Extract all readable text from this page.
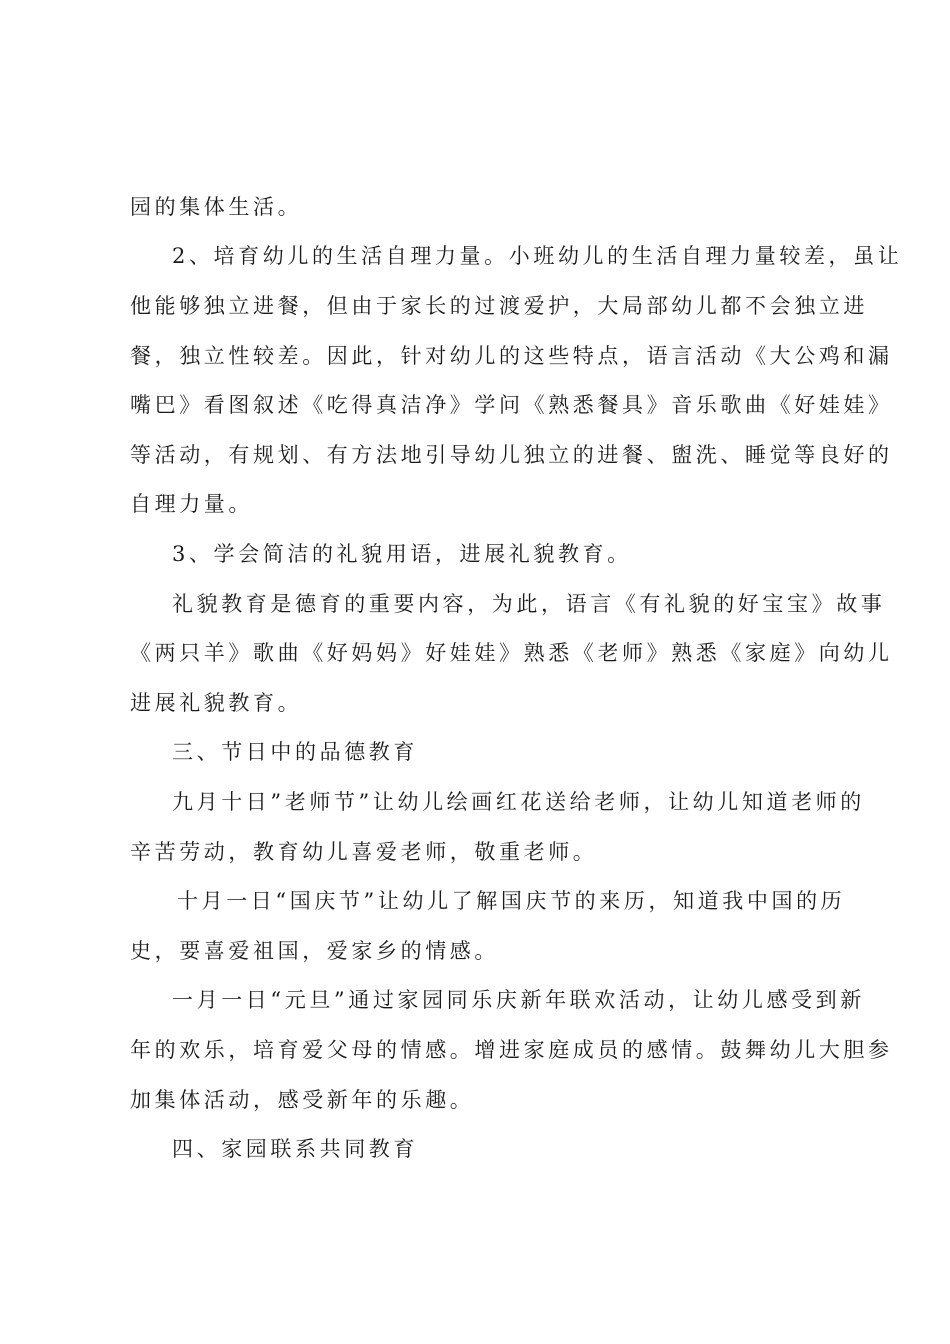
园的集体生活。
2、培育幼儿的生活自理力量。小班幼儿的生活自理力量较差，虽让
他能够独立进餐，但由于家长的过渡爱护，大局部幼儿都不会独立进
餐，独立性较差。因此，针对幼儿的这些特点，语言活动《大公鸡和漏
嘴巴》看图叙述《吃得真洁净》学问《熟悉餐具》音乐歌曲《好娃娃》
等活动，有规划、有方法地引导幼儿独立的进餐、盥洗、睡觉等良好的
自理力量。
3、学会简洁的礼貌用语，进展礼貌教育。
礼貌教育是德育的重要内容，为此，语言《有礼貌的好宝宝》故事
《两只羊》歌曲《好妈妈》好娃娃》熟悉《老师》熟悉《家庭》向幼儿
进展礼貌教育。
三、节日中的品德教育
九月十日”老师节”让幼儿绘画红花送给老师，让幼儿知道老师的
辛苦劳动，教育幼儿喜爱老师，敬重老师。
十月一日“国庆节”让幼儿了解国庆节的来历，知道我中国的历
史，要喜爱祖国，爱家乡的情感。
一月一日“元旦”通过家园同乐庆新年联欢活动，让幼儿感受到新
年的欢乐，培育爱父母的情感。增进家庭成员的感情。鼓舞幼儿大胆参
加集体活动，感受新年的乐趣。
四、家园联系共同教育
